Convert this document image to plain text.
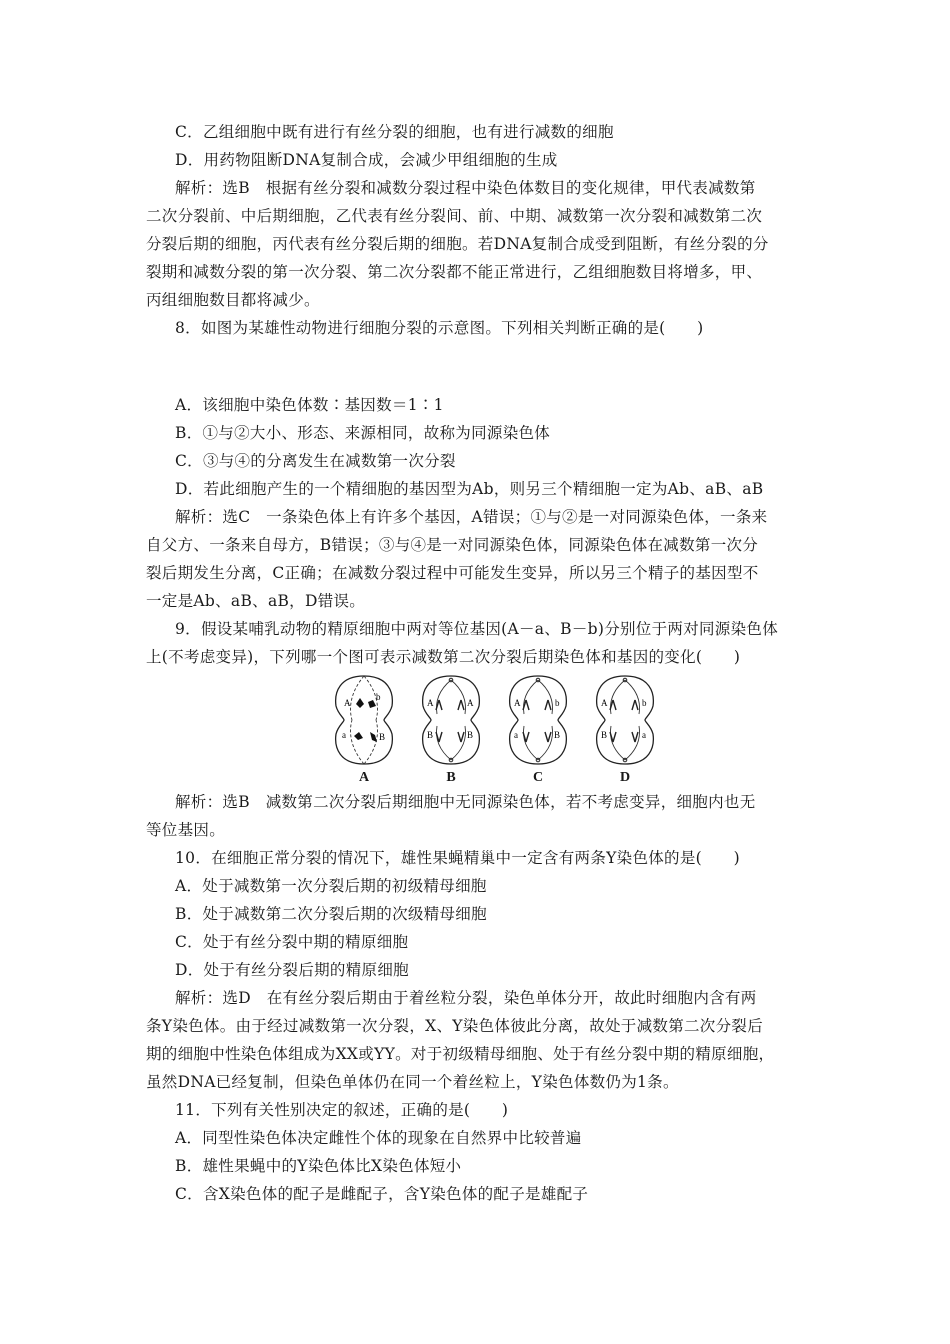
C．乙组细胞中既有进行有丝分裂的细胞，也有进行减数的细胞
D．用药物阻断DNA复制合成，会减少甲组细胞的生成
解析：选B　根据有丝分裂和减数分裂过程中染色体数目的变化规律，甲代表减数第
二次分裂前、中后期细胞，乙代表有丝分裂间、前、中期、减数第一次分裂和减数第二次
分裂后期的细胞，丙代表有丝分裂后期的细胞。若DNA复制合成受到阻断，有丝分裂的分
裂期和减数分裂的第一次分裂、第二次分裂都不能正常进行，乙组细胞数目将增多，甲、
丙组细胞数目都将减少。
8．如图为某雄性动物进行细胞分裂的示意图。下列相关判断正确的是(　　)
A．该细胞中染色体数∶基因数＝1∶1
B．①与②大小、形态、来源相同，故称为同源染色体
C．③与④的分离发生在减数第一次分裂
D．若此细胞产生的一个精细胞的基因型为Ab，则另三个精细胞一定为Ab、aB、aB
解析：选C　一条染色体上有许多个基因，A错误；①与②是一对同源染色体，一条来
自父方、一条来自母方，B错误；③与④是一对同源染色体，同源染色体在减数第一次分
裂后期发生分离，C正确；在减数分裂过程中可能发生变异，所以另三个精子的基因型不
一定是Ab、aB、aB，D错误。
9．假设某哺乳动物的精原细胞中两对等位基因(A－a、B－b)分别位于两对同源染色体
上(不考虑变异)，下列哪一个图可表示减数第二次分裂后期染色体和基因的变化(　　)
A
b
a	B
A
A	A
B	B
B
A	b
a	B
C
A	b
B	a
D
解析：选B　减数第二次分裂后期细胞中无同源染色体，若不考虑变异，细胞内也无
等位基因。
10．在细胞正常分裂的情况下，雄性果蝇精巢中一定含有两条Y染色体的是(　　)
A．处于减数第一次分裂后期的初级精母细胞
B．处于减数第二次分裂后期的次级精母细胞
C．处于有丝分裂中期的精原细胞
D．处于有丝分裂后期的精原细胞
解析：选D　在有丝分裂后期由于着丝粒分裂，染色单体分开，故此时细胞内含有两
条Y染色体。由于经过减数第一次分裂，X、Y染色体彼此分离，故处于减数第二次分裂后
期的细胞中性染色体组成为XX或YY。对于初级精母细胞、处于有丝分裂中期的精原细胞，
虽然DNA已经复制，但染色单体仍在同一个着丝粒上，Y染色体数仍为1条。
11．下列有关性别决定的叙述，正确的是(　　)
A．同型性染色体决定雌性个体的现象在自然界中比较普遍
B．雄性果蝇中的Y染色体比X染色体短小
C．含X染色体的配子是雌配子，含Y染色体的配子是雄配子
